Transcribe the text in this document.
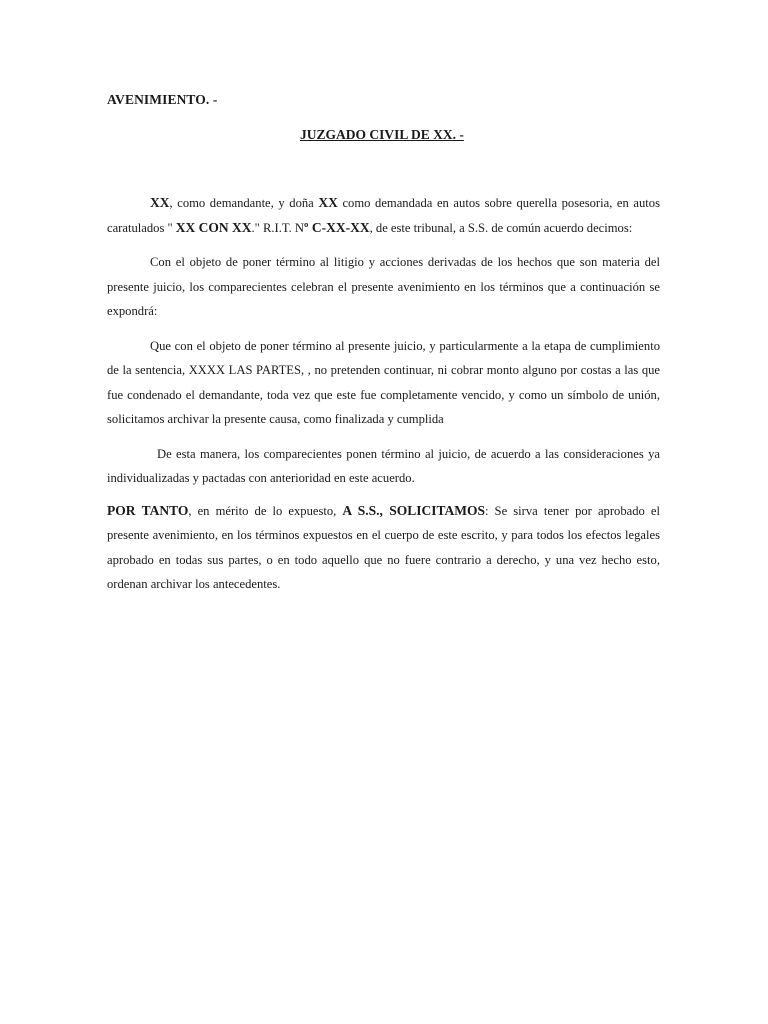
AVENIMIENTO. -
JUZGADO CIVIL DE XX. -

XX, como demandante, y doña XX como demandada en autos sobre querella posesoria, en autos caratulados " XX CON XX." R.I.T. Nº C-XX-XX, de este tribunal, a S.S. de común acuerdo decimos:

Con el objeto de poner término al litigio y acciones derivadas de los hechos que son materia del presente juicio, los comparecientes celebran el presente avenimiento en los términos que a continuación se expondrá:

Que con el objeto de poner término al presente juicio, y particularmente a la etapa de cumplimiento de la sentencia, XXXX LAS PARTES, , no pretenden continuar, ni cobrar monto alguno por costas a las que fue condenado el demandante, toda vez que este fue completamente vencido, y como un símbolo de unión, solicitamos archivar la presente causa, como finalizada y cumplida

De esta manera, los comparecientes ponen término al juicio, de acuerdo a las consideraciones ya individualizadas y pactadas con anterioridad en este acuerdo.

POR TANTO, en mérito de lo expuesto, A S.S., SOLICITAMOS: Se sirva tener por aprobado el presente avenimiento, en los términos expuestos en el cuerpo de este escrito, y para todos los efectos legales aprobado en todas sus partes, o en todo aquello que no fuere contrario a derecho, y una vez hecho esto, ordenan archivar los antecedentes.
